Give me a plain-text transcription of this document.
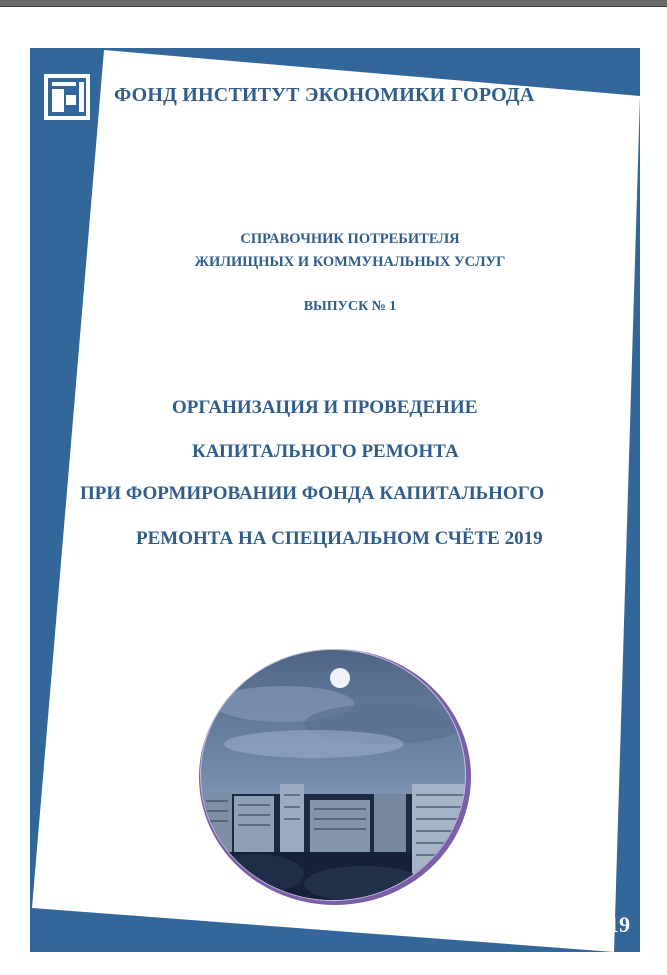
ФОНД ИНСТИТУТ ЭКОНОМИКИ ГОРОДА
СПРАВОЧНИК ПОТРЕБИТЕЛЯ
ЖИЛИЩНЫХ И КОММУНАЛЬНЫХ УСЛУГ
ВЫПУСК № 1
ОРГАНИЗАЦИЯ И ПРОВЕДЕНИЕ
КАПИТАЛЬНОГО РЕМОНТА
ПРИ ФОРМИРОВАНИИ ФОНДА КАПИТАЛЬНОГО
РЕМОНТА НА СПЕЦИАЛЬНОМ СЧЁТЕ 2019
2019
